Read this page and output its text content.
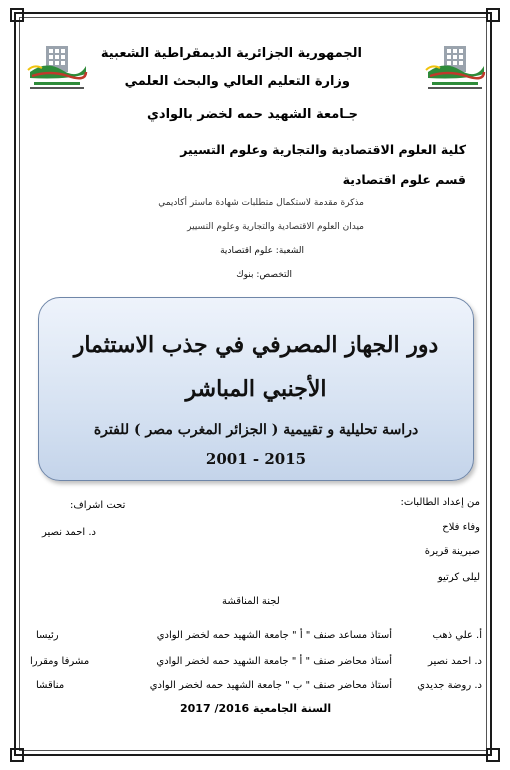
الجمهورية الجزائرية الديمقراطية الشعبية
وزارة التعليم العالي والبحث العلمي
جـامعة الشهيد حمه لخضر بالوادي
كلية العلوم الاقتصادية والتجارية وعلوم التسيير
قسم علوم اقتصادية
مذكرة مقدمة لاستكمال متطلبات شهادة ماستر أكاديمي
ميدان العلوم الاقتصادية والتجارية وعلوم التسيير
الشعبة: علوم اقتصادية
التخصص: بنوك
دور الجهاز المصرفي في جذب الاستثمار
الأجنبي المباشر
دراسة تحليلية و تقييمية ( الجزائر المغرب مصر ) للفترة
2001 - 2015
من إعداد الطالبات:
وفاء فلاح
صبرينة قريرة
ليلى كرتيو
تحت اشراف:
د. احمد نصير
لجنة المناقشة
أ. علي ذهب
أستاذ مساعد صنف " أ " جامعة الشهيد حمه لخضر الوادي
رئيسا
د. احمد نصير
أستاذ محاضر صنف " أ " جامعة الشهيد حمه لخضر الوادي
مشرفا ومقررا
د. روضة جديدي
أستاذ محاضر صنف " ب " جامعة الشهيد حمه لخضر الوادي
مناقشا
السنة الجامعية 2016/ 2017
